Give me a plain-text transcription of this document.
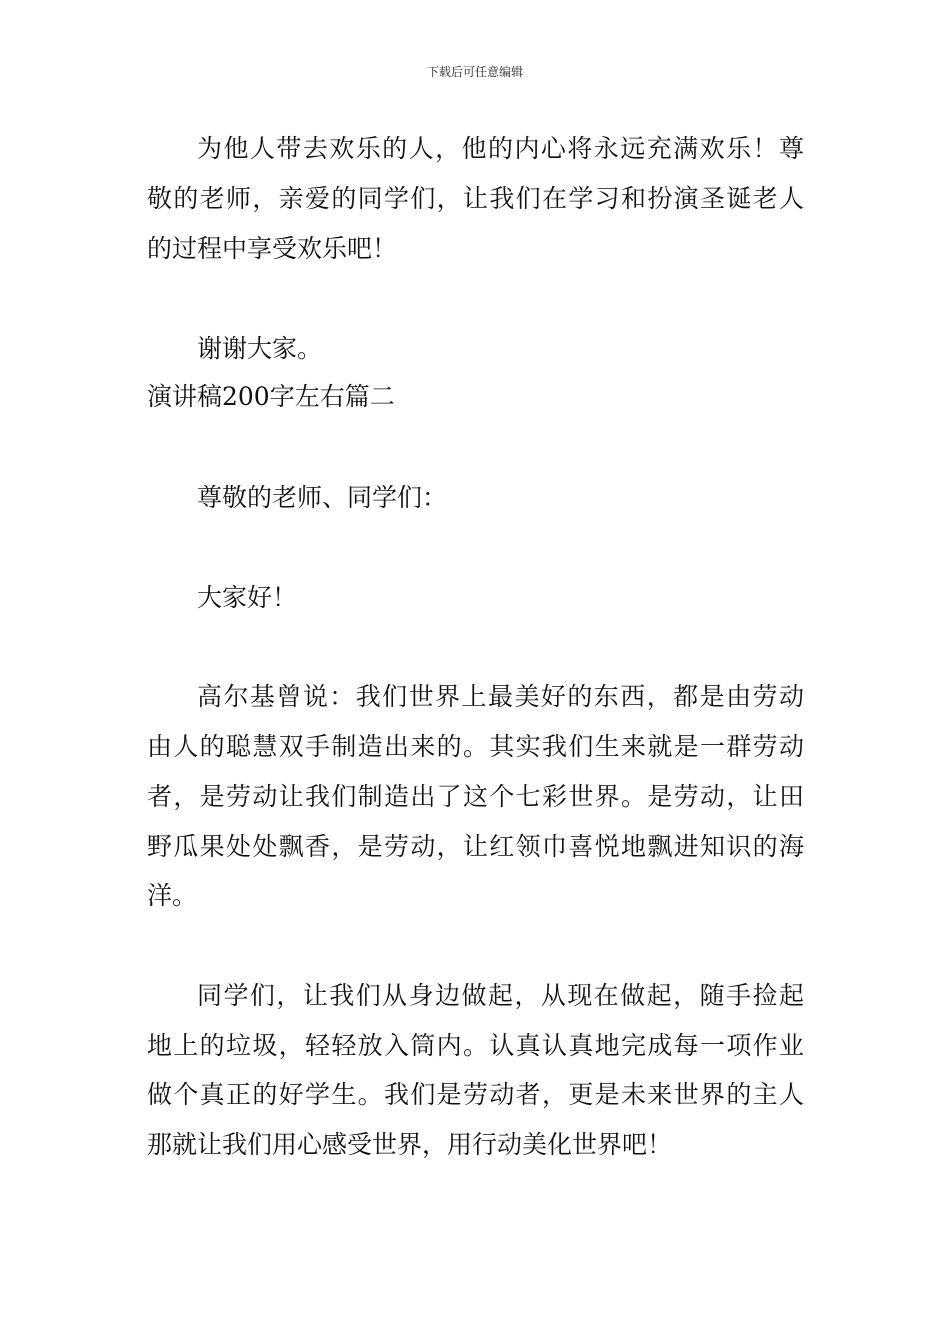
下载后可任意编辑
为他人带去欢乐的人，他的内心将永远充满欢乐！尊
敬的老师，亲爱的同学们，让我们在学习和扮演圣诞老人
的过程中享受欢乐吧！
谢谢大家。
演讲稿200字左右篇二
尊敬的老师、同学们：
大家好！
高尔基曾说：我们世界上最美好的东西，都是由劳动
由人的聪慧双手制造出来的。其实我们生来就是一群劳动
者，是劳动让我们制造出了这个七彩世界。是劳动，让田
野瓜果处处飘香，是劳动，让红领巾喜悦地飘进知识的海
洋。
同学们，让我们从身边做起，从现在做起，随手捡起
地上的垃圾，轻轻放入筒内。认真认真地完成每一项作业
做个真正的好学生。我们是劳动者，更是未来世界的主人
那就让我们用心感受世界，用行动美化世界吧！
